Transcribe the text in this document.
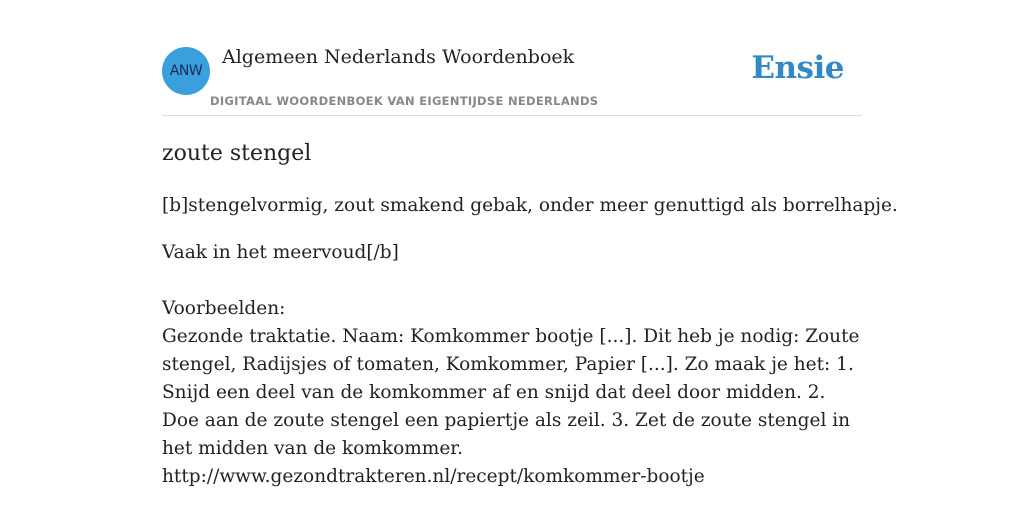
ANW
Algemeen Nederlands Woordenboek
DIGITAAL WOORDENBOEK VAN EIGENTIJDSE NEDERLANDS
Ensie
zoute stengel
[b]stengelvormig, zout smakend gebak, onder meer genuttigd als borrelhapje.
Vaak in het meervoud[/b]
Voorbeelden:
Gezonde traktatie. Naam: Komkommer bootje [...]. Dit heb je nodig: Zoute stengel, Radijsjes of tomaten, Komkommer, Papier [...]. Zo maak je het: 1. Snijd een deel van de komkommer af en snijd dat deel door midden. 2. Doe aan de zoute stengel een papiertje als zeil. 3. Zet de zoute stengel in het midden van de komkommer.
http://www.gezondtrakteren.nl/recept/komkommer-bootje
